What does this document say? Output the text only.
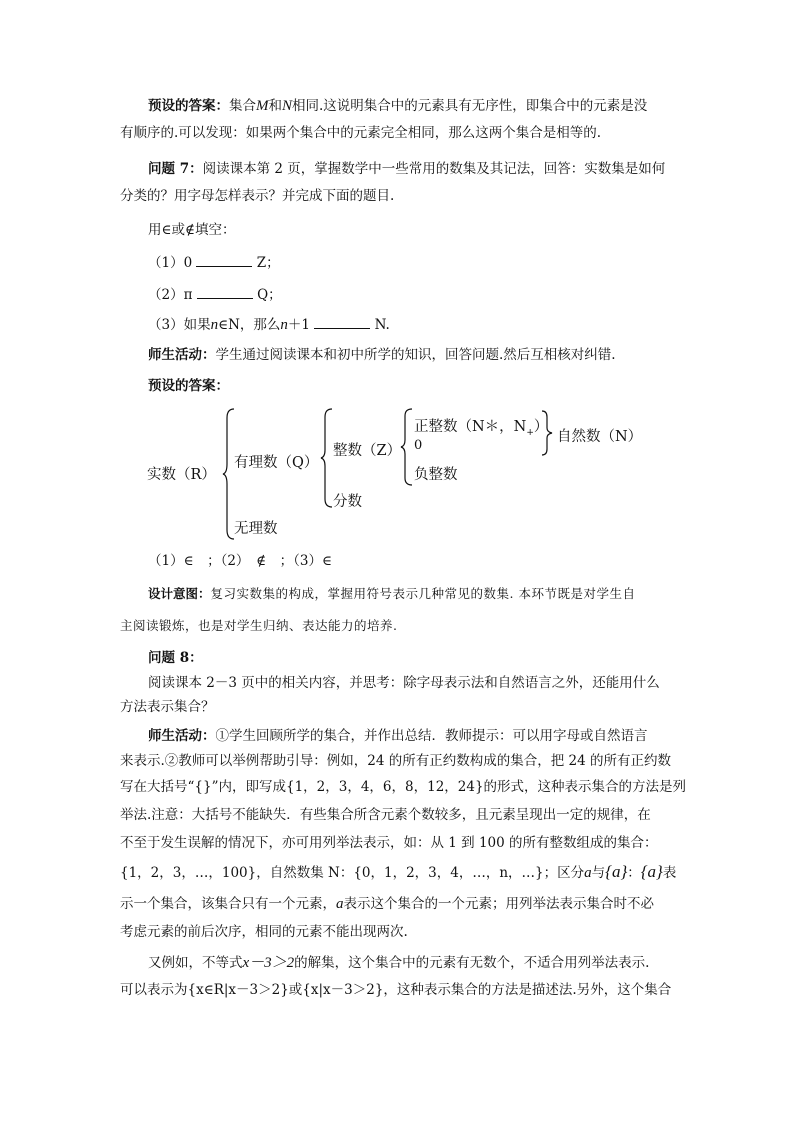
预设的答案：集合M和N相同.这说明集合中的元素具有无序性，即集合中的元素是没
有顺序的.可以发现：如果两个集合中的元素完全相同，那么这两个集合是相等的.
问题 7：阅读课本第 2 页，掌握数学中一些常用的数集及其记法，回答：实数集是如何
分类的？用字母怎样表示？并完成下面的题目.
用∈或∉填空：
（1）0	Z；
（2）π	Q；
（3）如果n∈N，那么n＋1	N.
师生活动：学生通过阅读课本和初中所学的知识，回答问题.然后互相核对纠错.
预设的答案：
实数（R）
有理数（Q）
无理数
整数（Z）
分数
正整数（N＊，$N_+$）
0
负整数
自然数（N）
（1）∈　；（2）　∉　；（3）∈
设计意图：复习实数集的构成，掌握用符号表示几种常见的数集. 本环节既是对学生自
主阅读锻炼，也是对学生归纳、表达能力的培养.
问题 8：
阅读课本 2－3 页中的相关内容，并思考：除字母表示法和自然语言之外，还能用什么
方法表示集合？
师生活动：①学生回顾所学的集合，并作出总结．教师提示：可以用字母或自然语言
来表示.②教师可以举例帮助引导：例如，24 的所有正约数构成的集合，把 24 的所有正约数
写在大括号“{}”内，即写成{1，2，3，4，6，8，12，24}的形式，这种表示集合的方法是列
举法.注意：大括号不能缺失．有些集合所含元素个数较多，且元素呈现出一定的规律，在
不至于发生误解的情况下，亦可用列举法表示，如：从 1 到 100 的所有整数组成的集合：
{1，2，3，…，100}，自然数集 N：{0，1，2，3，4，…，n，…}；区分a与{a}：{a}表
示一个集合，该集合只有一个元素，a表示这个集合的一个元素；用列举法表示集合时不必
考虑元素的前后次序，相同的元素不能出现两次.
又例如，不等式x－3＞2的解集，这个集合中的元素有无数个，不适合用列举法表示.
可以表示为{x∈R|x－3＞2}或{x|x－3＞2}，这种表示集合的方法是描述法.另外，这个集合
